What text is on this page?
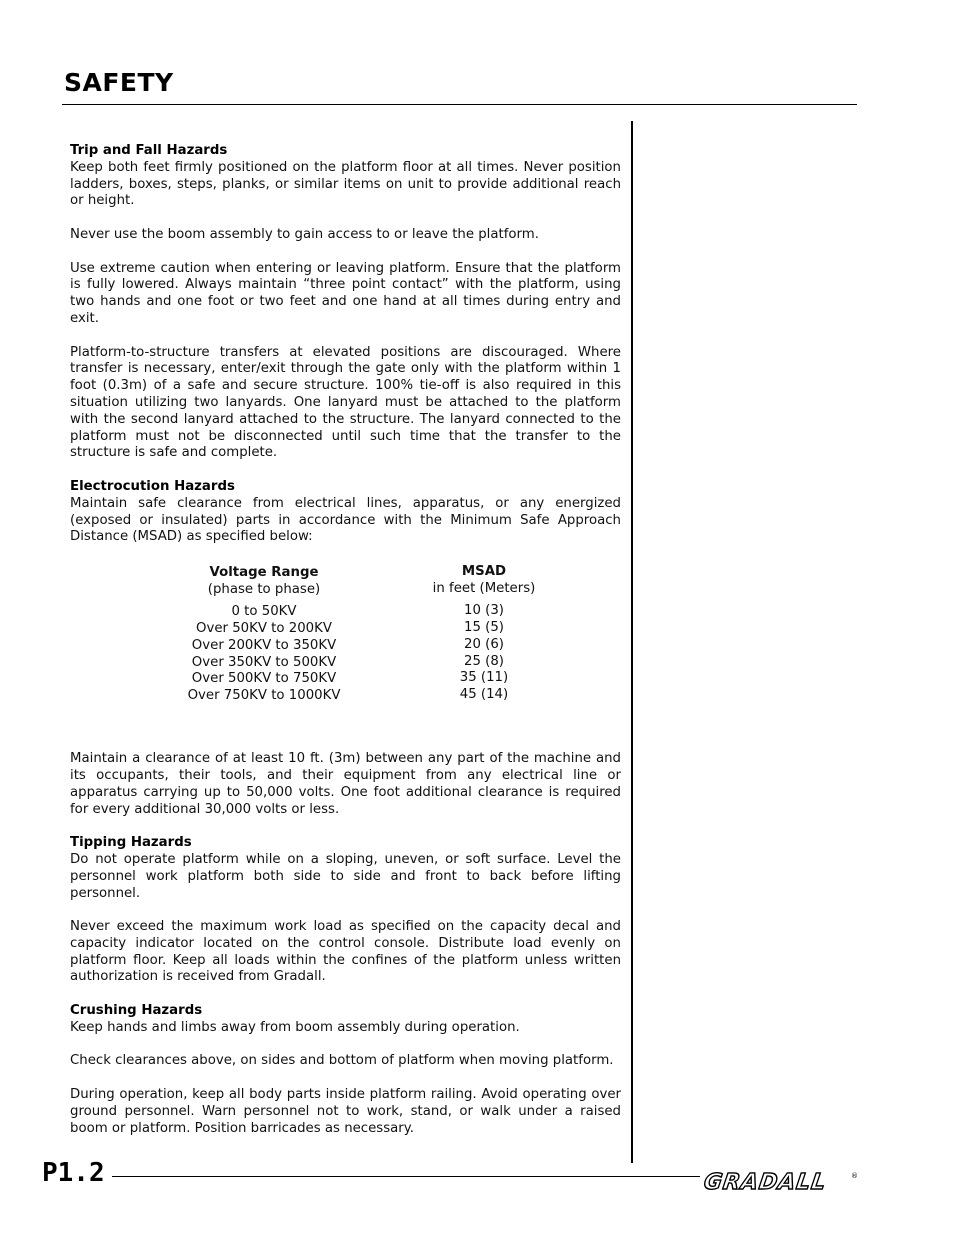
SAFETY
Trip and Fall Hazards

Keep both feet firmly positioned on the platform floor at all times. Never position ladders, boxes, steps, planks, or similar items on unit to provide additional reach or height.

Never use the boom assembly to gain access to or leave the platform.

Use extreme caution when entering or leaving platform. Ensure that the platform is fully lowered. Always maintain “three point contact” with the platform, using two hands and one foot or two feet and one hand at all times during entry and exit.

Platform-to-structure transfers at elevated positions are discouraged. Where transfer is necessary, enter/exit through the gate only with the platform within 1 foot (0.3m) of a safe and secure structure. 100% tie-off is also required in this situation utilizing two lanyards. One lanyard must be attached to the platform with the second lanyard attached to the structure. The lanyard connected to the platform must not be disconnected until such time that the transfer to the structure is safe and complete.

Electrocution Hazards

Maintain safe clearance from electrical lines, apparatus, or any energized (exposed or insulated) parts in accordance with the Minimum Safe Approach Distance (MSAD) as specified below:

Voltage Range
(phase to phase)
0 to 50KV
Over 50KV to 200KV
Over 200KV to 350KV
Over 350KV to 500KV
Over 500KV to 750KV
Over 750KV to 1000KV
MSAD
in feet (Meters)
10 (3)
15 (5)
20 (6)
25 (8)
35 (11)
45 (14)

Maintain a clearance of at least 10 ft. (3m) between any part of the machine and its occupants, their tools, and their equipment from any electrical line or apparatus carrying up to 50,000 volts. One foot additional clearance is required for every additional 30,000 volts or less.

Tipping Hazards

Do not operate platform while on a sloping, uneven, or soft surface. Level the personnel work platform both side to side and front to back before lifting personnel.

Never exceed the maximum work load as specified on the capacity decal and capacity indicator located on the control console. Distribute load evenly on platform floor. Keep all loads within the confines of the platform unless written authorization is received from Gradall.

Crushing Hazards

Keep hands and limbs away from boom assembly during operation.

Check clearances above, on sides and bottom of platform when moving platform.

During operation, keep all body parts inside platform railing. Avoid operating over ground personnel. Warn personnel not to work, stand, or walk under a raised boom or platform. Position barricades as necessary.

P1.2	GRADALL	®
